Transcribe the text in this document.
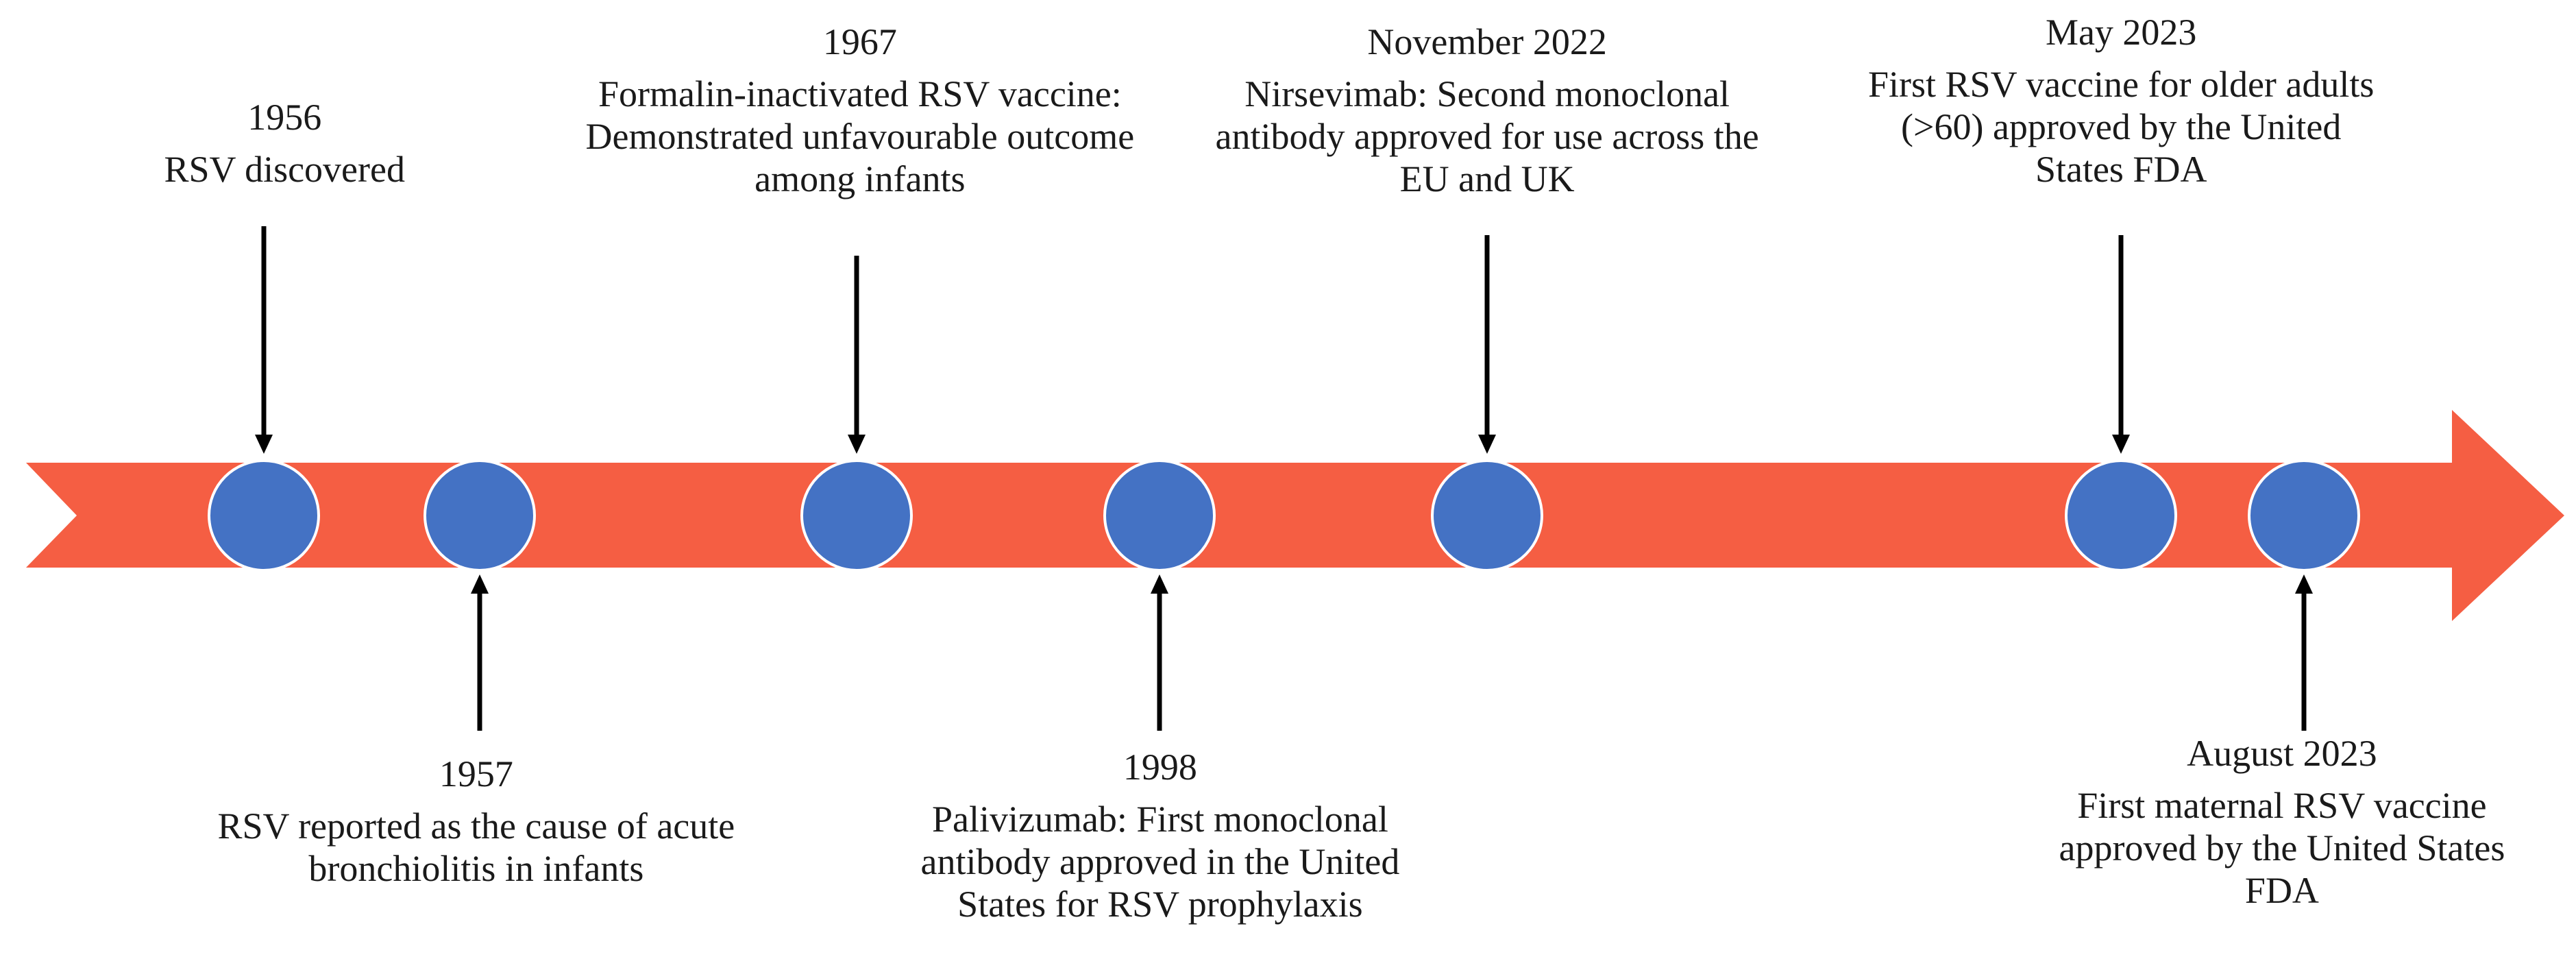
1956
RSV discovered
1957
RSV reported as the cause of acute
bronchiolitis in infants
1967
Formalin-inactivated RSV vaccine:
Demonstrated unfavourable outcome
among infants
1998
Palivizumab: First monoclonal
antibody approved in the United
States for RSV prophylaxis
November 2022
Nirsevimab: Second monoclonal
antibody approved for use across the
EU and UK
May 2023
First RSV vaccine for older adults
(>60) approved by the United
States FDA
August 2023
First maternal RSV vaccine
approved by the United States
FDA
